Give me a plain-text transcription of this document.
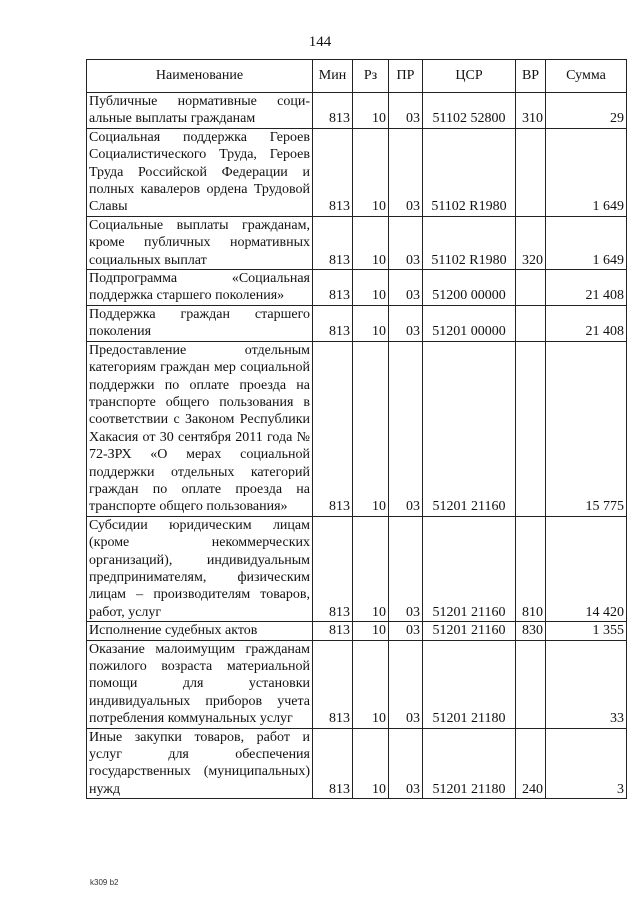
144
Наименование	Мин	Рз	ПР	ЦСР	ВР	Сумма
Публичные нормативные соци-альные выплаты гражданам	813	10	03	51102 52800	310	29
Социальная поддержка Героев Социалистического Труда, Героев Труда Российской Федерации и полных кавалеров ордена Трудовой Славы	813	10	03	51102 R1980		1 649
Социальные выплаты гражданам, кроме публичных нормативных социальных выплат	813	10	03	51102 R1980	320	1 649
Подпрограмма «Социальная поддержка старшего поколения»	813	10	03	51200 00000		21 408
Поддержка граждан старшего поколения	813	10	03	51201 00000		21 408
Предоставление отдельным категориям граждан мер социальной поддержки по оплате проезда на транспорте общего пользования в соответствии с Законом Республики Хакасия от 30 сентября 2011 года № 72-ЗРХ «О мерах социальной поддержки отдельных категорий граждан по оплате проезда на транспорте общего пользования»	813	10	03	51201 21160		15 775
Субсидии юридическим лицам (кроме некоммерческих организаций), индивидуальным предпринимателям, физическим лицам – производителям товаров, работ, услуг	813	10	03	51201 21160	810	14 420
Исполнение судебных актов	813	10	03	51201 21160	830	1 355
Оказание малоимущим гражданам пожилого возраста материальной помощи для установки индивидуальных приборов учета потребления коммунальных услуг	813	10	03	51201 21180		33
Иные закупки товаров, работ и услуг для обеспечения государственных (муниципальных) нужд	813	10	03	51201 21180	240	3
k309 b2
